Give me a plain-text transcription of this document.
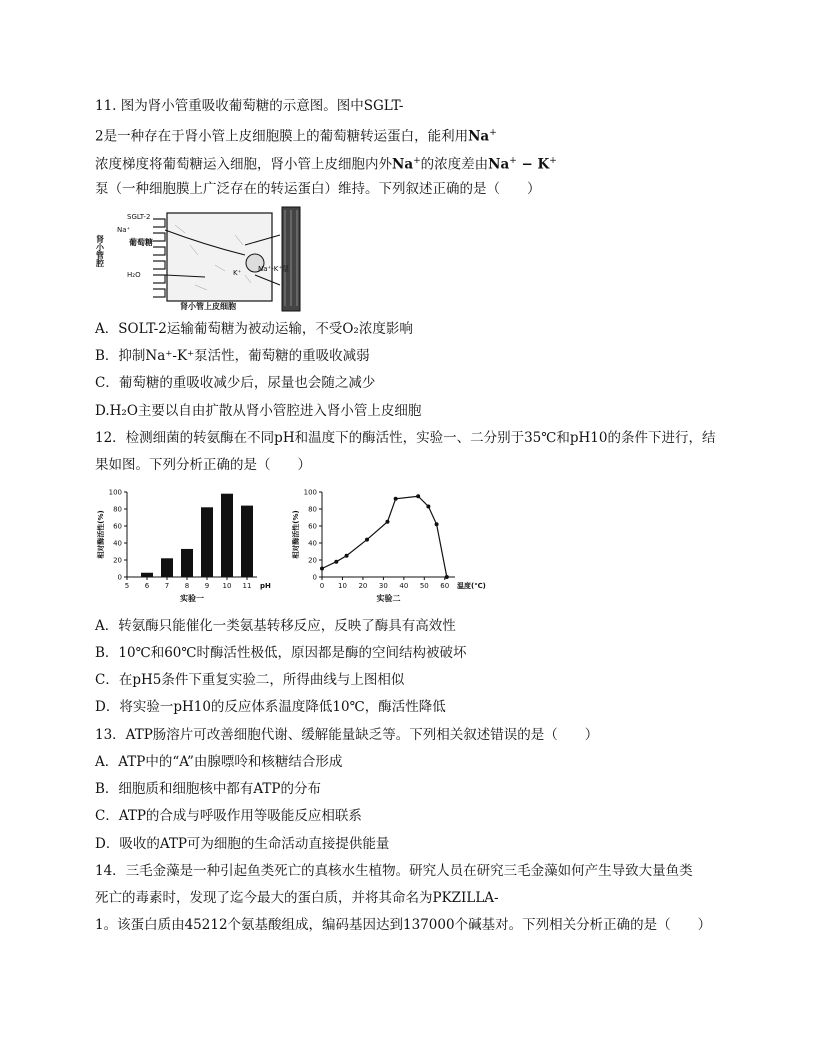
11. 图为肾小管重吸收葡萄糖的示意图。图中SGLT-
2是一种存在于肾小管上皮细胞膜上的葡萄糖转运蛋白，能利用Na+
浓度梯度将葡萄糖运入细胞，肾小管上皮细胞内外Na+的浓度差由Na+ − K+
泵（一种细胞膜上广泛存在的转运蛋白）维持。下列叙述正确的是（　　）
肾小管腔
SGLT-2
Na⁺
葡萄糖
H₂O
Na⁺-K⁺泵
K⁺
肾小管上皮细胞
A．SOLT-2运输葡萄糖为被动运输，不受O₂浓度影响
B．抑制Na⁺-K⁺泵活性，葡萄糖的重吸收减弱
C．葡萄糖的重吸收减少后，尿量也会随之减少
D.H₂O主要以自由扩散从肾小管腔进入肾小管上皮细胞
12．检测细菌的转氨酶在不同pH和温度下的酶活性，实验一、二分别于35℃和pH10的条件下进行，结
果如图。下列分析正确的是（　　）
0
20
40
60
80
100
5 6 7 8 9 10 11 pH
相对酶活性(%)
实验一
0
20
40
60
80
100
0 10 20 30 40 50 60 温度(℃)
相对酶活性(%)
实验二
A．转氨酶只能催化一类氨基转移反应，反映了酶具有高效性
B．10℃和60℃时酶活性极低，原因都是酶的空间结构被破坏
C．在pH5条件下重复实验二，所得曲线与上图相似
D．将实验一pH10的反应体系温度降低10℃，酶活性降低
13．ATP肠溶片可改善细胞代谢、缓解能量缺乏等。下列相关叙述错误的是（　　）
A．ATP中的“A”由腺嘌呤和核糖结合形成
B．细胞质和细胞核中都有ATP的分布
C．ATP的合成与呼吸作用等吸能反应相联系
D．吸收的ATP可为细胞的生命活动直接提供能量
14．三毛金藻是一种引起鱼类死亡的真核水生植物。研究人员在研究三毛金藻如何产生导致大量鱼类
死亡的毒素时，发现了迄今最大的蛋白质，并将其命名为PKZILLA-
1。该蛋白质由45212个氨基酸组成，编码基因达到137000个碱基对。下列相关分析正确的是（　　）
